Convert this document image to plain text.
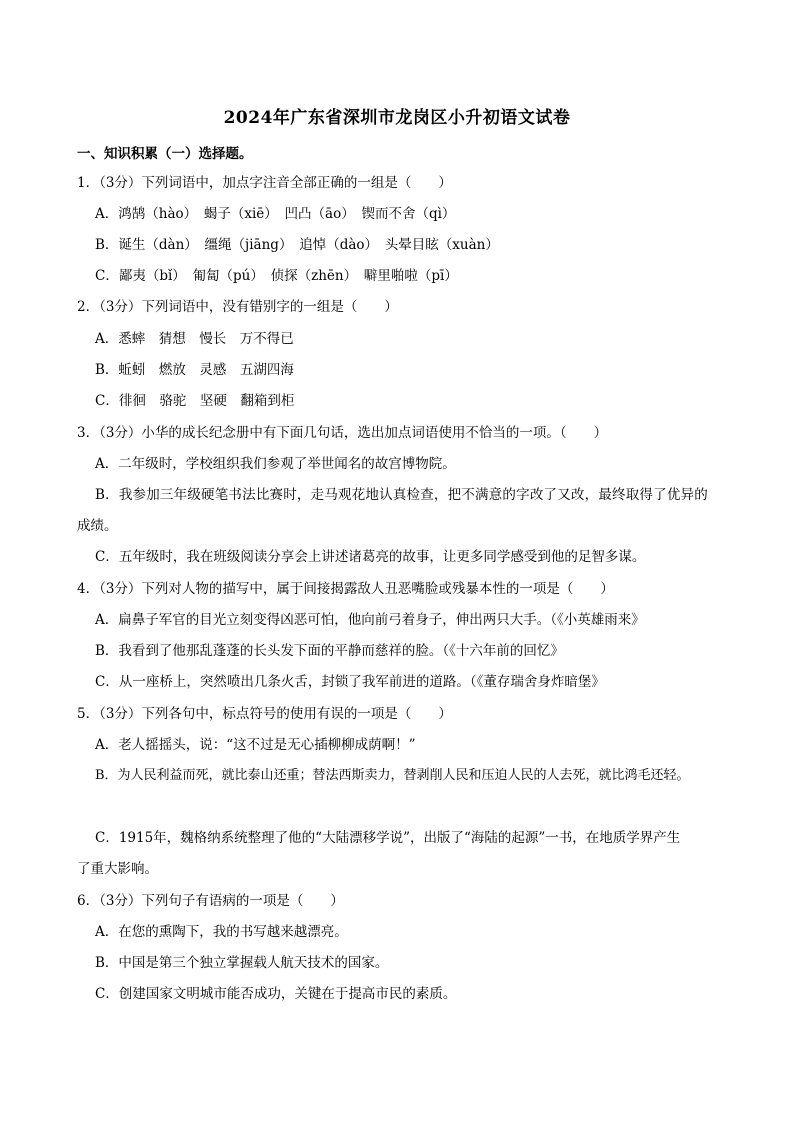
2024年广东省深圳市龙岗区小升初语文试卷
一、知识积累（一）选择题。
1．（3分）下列词语中，加点字注音全部正确的一组是（　　）
A．鸿鹄（hào）　蝎子（xiē）　凹凸（āo）　锲而不舍（qì）
B．诞生（dàn）　缰绳（jiāng）　追悼（dào）　头晕目眩（xuàn）
C．鄙夷（bǐ）　匍匐（pú）　侦探（zhēn）　噼里啪啦（pī）
2．（3分）下列词语中，没有错别字的一组是（　　）
A．悉蟀　猜想　慢长　万不得已
B．蚯蚓　燃放　灵感　五湖四海
C．徘徊　骆驼　坚硬　翻箱到柜
3．（3分）小华的成长纪念册中有下面几句话，选出加点词语使用不恰当的一项。（　　）
A．二年级时，学校组织我们参观了举世闻名的故宫博物院。
B．我参加三年级硬笔书法比赛时，走马观花地认真检查，把不满意的字改了又改，最终取得了优异的
成绩。
C．五年级时，我在班级阅读分享会上讲述诸葛亮的故事，让更多同学感受到他的足智多谋。
4．（3分）下列对人物的描写中，属于间接揭露敌人丑恶嘴脸或残暴本性的一项是（　　）
A．扁鼻子军官的目光立刻变得凶恶可怕，他向前弓着身子，伸出两只大手。（《小英雄雨来》
B．我看到了他那乱蓬蓬的长头发下面的平静而慈祥的脸。（《十六年前的回忆》
C．从一座桥上，突然喷出几条火舌，封锁了我军前进的道路。（《董存瑞舍身炸暗堡》
5．（3分）下列各句中，标点符号的使用有误的一项是（　　）
A．老人摇摇头，说：“这不过是无心插柳柳成荫啊！”
B．为人民利益而死，就比泰山还重；替法西斯卖力，替剥削人民和压迫人民的人去死，就比鸿毛还轻。
C．1915年，魏格纳系统整理了他的“大陆漂移学说”，出版了“海陆的起源”一书，在地质学界产生
了重大影响。
6．（3分）下列句子有语病的一项是（　　）
A．在您的熏陶下，我的书写越来越漂亮。
B．中国是第三个独立掌握载人航天技术的国家。
C．创建国家文明城市能否成功，关键在于提高市民的素质。
